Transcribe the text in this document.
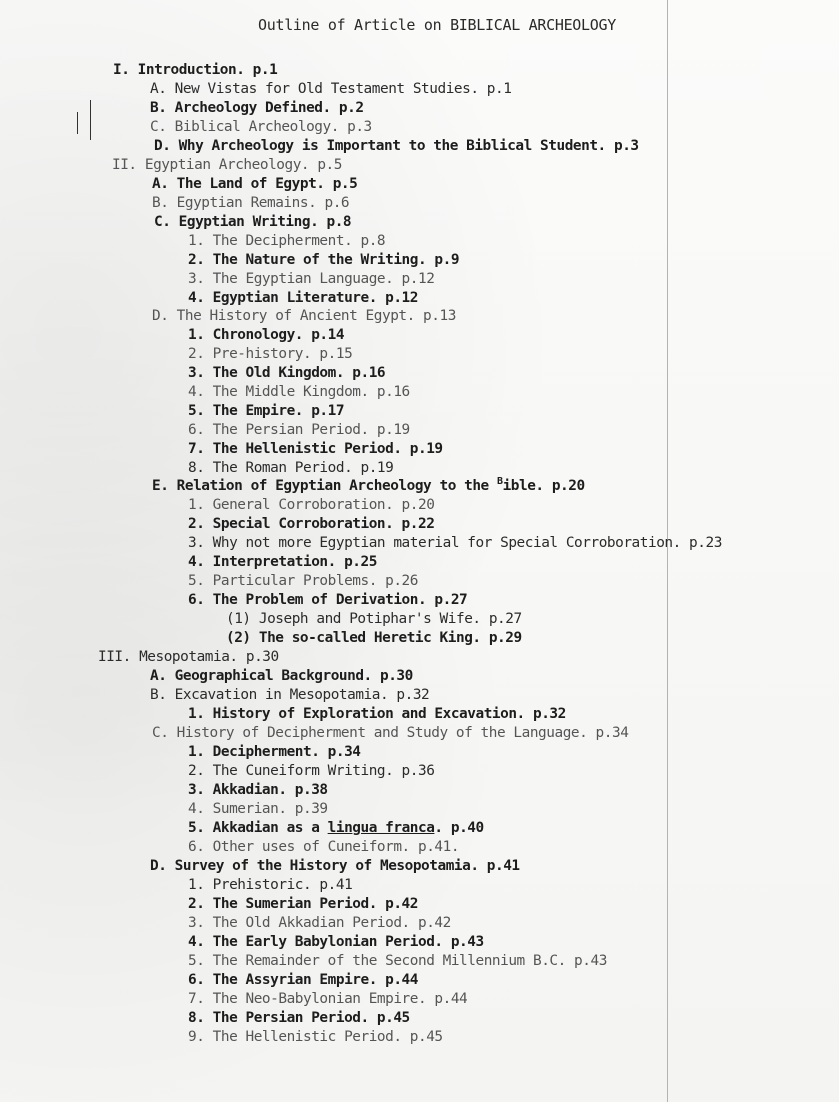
Outline of Article on BIBLICAL ARCHEOLOGY
I. Introduction. p.1
A. New Vistas for Old Testament Studies. p.1
B. Archeology Defined. p.2
C. Biblical Archeology. p.3
D. Why Archeology is Important to the Biblical Student. p.3
II. Egyptian Archeology. p.5
A. The Land of Egypt. p.5
B. Egyptian Remains. p.6
C. Egyptian Writing. p.8
1. The Decipherment. p.8
2. The Nature of the Writing. p.9
3. The Egyptian Language. p.12
4. Egyptian Literature. p.12
D. The History of Ancient Egypt. p.13
1. Chronology. p.14
2. Pre-history. p.15
3. The Old Kingdom. p.16
4. The Middle Kingdom. p.16
5. The Empire. p.17
6. The Persian Period. p.19
7. The Hellenistic Period. p.19
8. The Roman Period. p.19
E. Relation of Egyptian Archeology to the $^B$ible. p.20
1. General Corroboration. p.20
2. Special Corroboration. p.22
3. Why not more Egyptian material for Special Corroboration. p.23
4. Interpretation. p.25
5. Particular Problems. p.26
6. The Problem of Derivation. p.27
(1) Joseph and Potiphar's Wife. p.27
(2) The so-called Heretic King. p.29
III. Mesopotamia. p.30
A. Geographical Background. p.30
B. Excavation in Mesopotamia. p.32
1. History of Exploration and Excavation. p.32
C. History of Decipherment and Study of the Language. p.34
1. Decipherment. p.34
2. The Cuneiform Writing. p.36
3. Akkadian. p.38
4. Sumerian. p.39
5. Akkadian as a lingua franca. p.40
6. Other uses of Cuneiform. p.41.
D. Survey of the History of Mesopotamia. p.41
1. Prehistoric. p.41
2. The Sumerian Period. p.42
3. The Old Akkadian Period. p.42
4. The Early Babylonian Period. p.43
5. The Remainder of the Second Millennium B.C. p.43
6. The Assyrian Empire. p.44
7. The Neo-Babylonian Empire. p.44
8. The Persian Period. p.45
9. The Hellenistic Period. p.45
